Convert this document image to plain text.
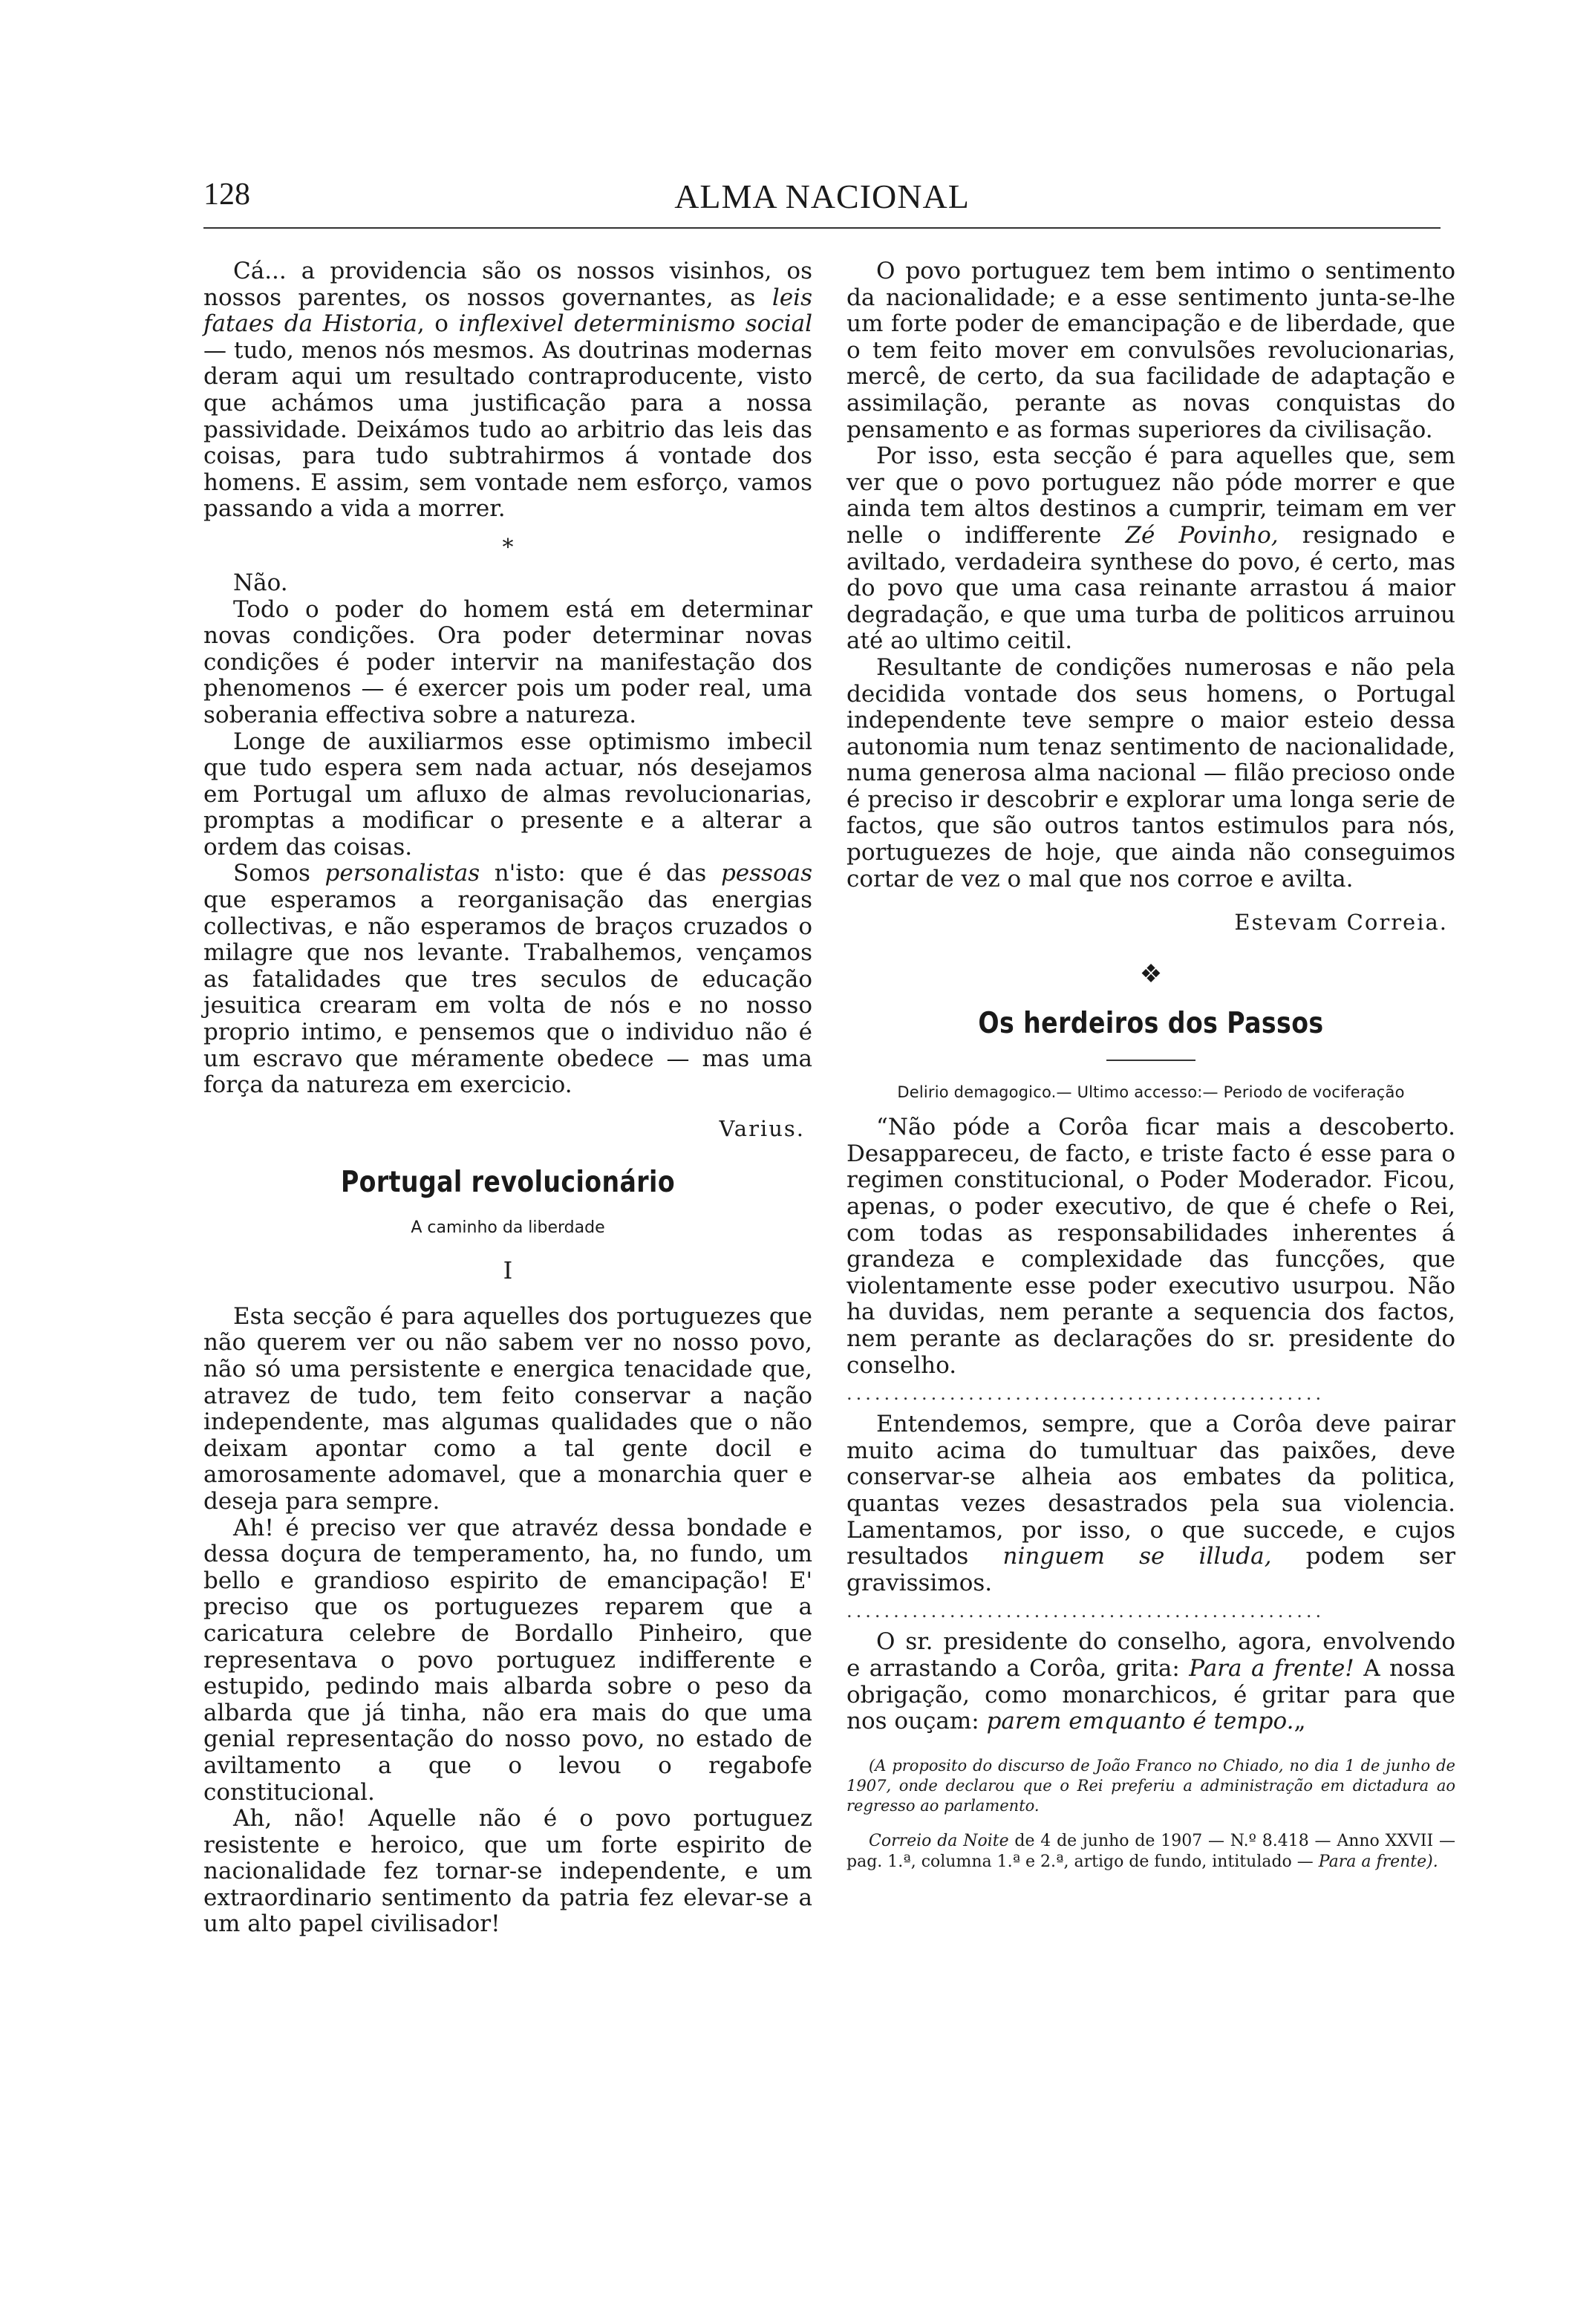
128	ALMA NACIONAL

Cá... a providencia são os nossos visinhos, os nossos parentes, os nossos governantes, as leis fataes da Historia, o inflexivel determinismo social — tudo, menos nós mesmos. As doutrinas modernas deram aqui um resultado contraproducente, visto que achámos uma justificação para a nossa passividade. Deixámos tudo ao arbitrio das leis das coisas, para tudo subtrahirmos á vontade dos homens. E assim, sem vontade nem esforço, vamos passando a vida a morrer.

*

Não.

Todo o poder do homem está em determinar novas condições. Ora poder determinar novas condições é poder intervir na manifestação dos phenomenos — é exercer pois um poder real, uma soberania effectiva sobre a natureza.

Longe de auxiliarmos esse optimismo imbecil que tudo espera sem nada actuar, nós desejamos em Portugal um afluxo de almas revolucionarias, promptas a modificar o presente e a alterar a ordem das coisas.

Somos personalistas n'isto: que é das pessoas que esperamos a reorganisação das energias collectivas, e não esperamos de braços cruzados o milagre que nos levante. Trabalhemos, vençamos as fatalidades que tres seculos de educação jesuitica crearam em volta de nós e no nosso proprio intimo, e pensemos que o individuo não é um escravo que méramente obedece — mas uma força da natureza em exercicio.

Varius.
Portugal revolucionário
A caminho da liberdade
I

Esta secção é para aquelles dos portuguezes que não querem ver ou não sabem ver no nosso povo, não só uma persistente e energica tenacidade que, atravez de tudo, tem feito conservar a nação independente, mas algumas qualidades que o não deixam apontar como a tal gente docil e amorosamente adomavel, que a monarchia quer e deseja para sempre.

Ah! é preciso ver que atravéz dessa bondade e dessa doçura de temperamento, ha, no fundo, um bello e grandioso espirito de emancipação! E' preciso que os portuguezes reparem que a caricatura celebre de Bordallo Pinheiro, que representava o povo portuguez indifferente e estupido, pedindo mais albarda sobre o peso da albarda que já tinha, não era mais do que uma genial representação do nosso povo, no estado de aviltamento a que o levou o regabofe constitucional.

Ah, não! Aquelle não é o povo portuguez resistente e heroico, que um forte espirito de nacionalidade fez tornar-se independente, e um extraordinario sentimento da patria fez elevar-se a um alto papel civilisador!

O povo portuguez tem bem intimo o sentimento da nacionalidade; e a esse sentimento junta-se-lhe um forte poder de emancipação e de liberdade, que o tem feito mover em convulsões revolucionarias, mercê, de certo, da sua facilidade de adaptação e assimilação, perante as novas conquistas do pensamento e as formas superiores da civilisação.

Por isso, esta secção é para aquelles que, sem ver que o povo portuguez não póde morrer e que ainda tem altos destinos a cumprir, teimam em ver nelle o indifferente Zé Povinho, resignado e aviltado, verdadeira synthese do povo, é certo, mas do povo que uma casa reinante arrastou á maior degradação, e que uma turba de politicos arruinou até ao ultimo ceitil.

Resultante de condições numerosas e não pela decidida vontade dos seus homens, o Portugal independente teve sempre o maior esteio dessa autonomia num tenaz sentimento de nacionalidade, numa generosa alma nacional — filão precioso onde é preciso ir descobrir e explorar uma longa serie de factos, que são outros tantos estimulos para nós, portuguezes de hoje, que ainda não conseguimos cortar de vez o mal que nos corroe e avilta.

Estevam Correia.
❖
Os herdeiros dos Passos
Delirio demagogico.— Ultimo accesso:— Periodo de vociferação

“Não póde a Corôa ficar mais a descoberto. Desappareceu, de facto, e triste facto é esse para o regimen constitucional, o Poder Moderador. Ficou, apenas, o poder executivo, de que é chefe o Rei, com todas as responsabilidades inherentes á grandeza e complexidade das funcções, que violentamente esse poder executivo usurpou. Não ha duvidas, nem perante a sequencia dos factos, nem perante as declarações do sr. presidente do conselho.

...................................................

Entendemos, sempre, que a Corôa deve pairar muito acima do tumultuar das paixões, deve conservar-se alheia aos embates da politica, quantas vezes desastrados pela sua violencia. Lamentamos, por isso, o que succede, e cujos resultados ninguem se illuda, podem ser gravissimos.

...................................................

O sr. presidente do conselho, agora, envolvendo e arrastando a Corôa, grita: Para a frente! A nossa obrigação, como monarchicos, é gritar para que nos ouçam: parem emquanto é tempo.„

(A proposito do discurso de João Franco no Chiado, no dia 1 de junho de 1907, onde declarou que o Rei preferiu a administração em dictadura ao regresso ao parlamento.
Correio da Noite de 4 de junho de 1907 — N.º 8.418 — Anno XXVII — pag. 1.ª, columna 1.ª e 2.ª, artigo de fundo, intitulado — Para a frente).
